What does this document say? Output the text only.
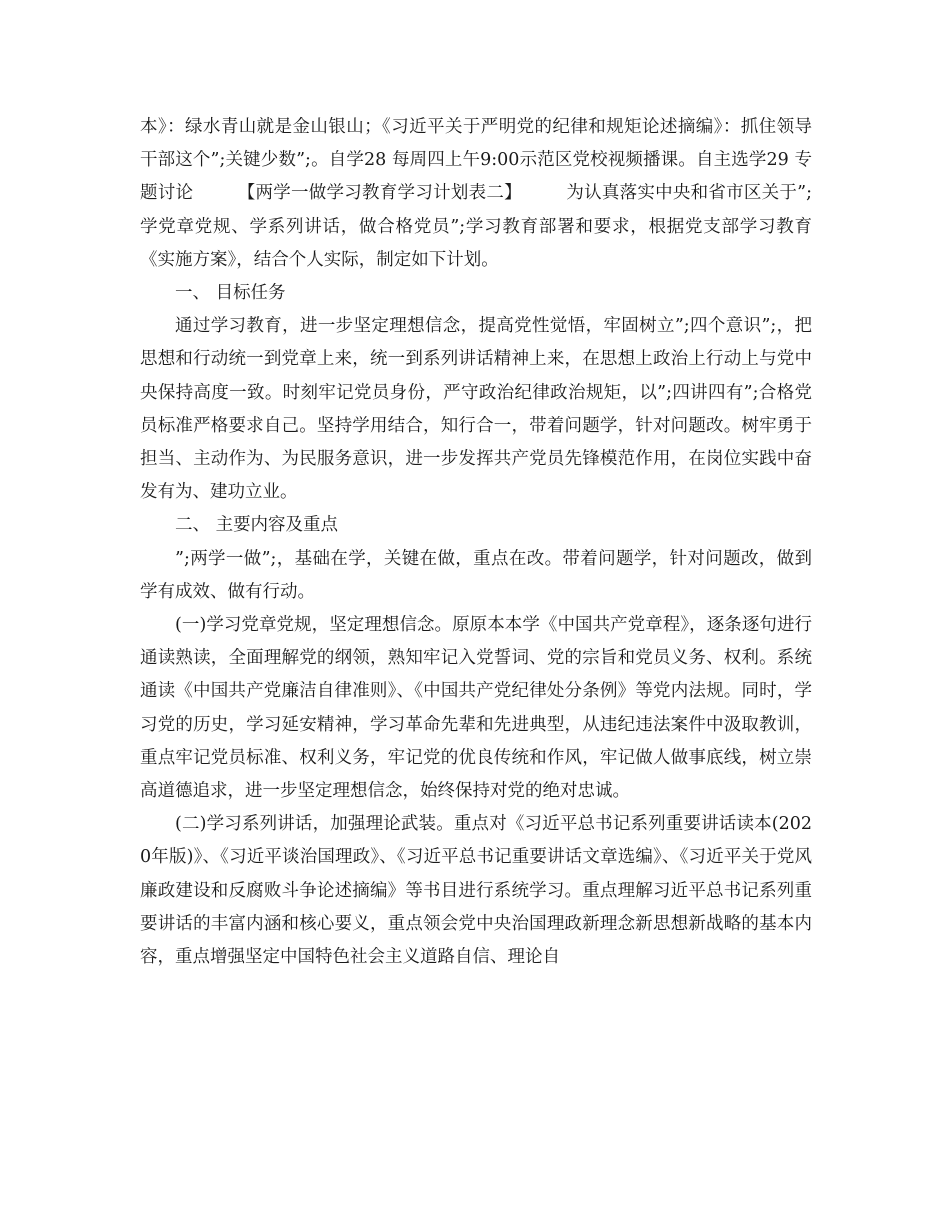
本》：绿水青山就是金山银山；《习近平关于严明党的纪律和规矩论述摘编》：抓住领导干部这个”;关键少数”;。自学28 每周四上午9:00示范区党校视频播课。自主选学29 专题讨论　　　【两学一做学习教育学习计划表二】　　　为认真落实中央和省市区关于”;学党章党规、学系列讲话，做合格党员”;学习教育部署和要求，根据党支部学习教育《实施方案》，结合个人实际，制定如下计划。

一、 目标任务

通过学习教育，进一步坚定理想信念，提高党性觉悟，牢固树立”;四个意识”;，把思想和行动统一到党章上来，统一到系列讲话精神上来，在思想上政治上行动上与党中央保持高度一致。时刻牢记党员身份，严守政治纪律政治规矩，以”;四讲四有”;合格党员标准严格要求自己。坚持学用结合，知行合一，带着问题学，针对问题改。树牢勇于担当、主动作为、为民服务意识，进一步发挥共产党员先锋模范作用，在岗位实践中奋发有为、建功立业。

二、 主要内容及重点

”;两学一做”;，基础在学，关键在做，重点在改。带着问题学，针对问题改，做到学有成效、做有行动。

(一)学习党章党规，坚定理想信念。原原本本学《中国共产党章程》，逐条逐句进行通读熟读，全面理解党的纲领，熟知牢记入党誓词、党的宗旨和党员义务、权利。系统通读《中国共产党廉洁自律准则》、《中国共产党纪律处分条例》等党内法规。同时，学习党的历史，学习延安精神，学习革命先辈和先进典型，从违纪违法案件中汲取教训，重点牢记党员标准、权利义务，牢记党的优良传统和作风，牢记做人做事底线，树立崇高道德追求，进一步坚定理想信念，始终保持对党的绝对忠诚。

(二)学习系列讲话，加强理论武装。重点对《习近平总书记系列重要讲话读本(2020年版)》、《习近平谈治国理政》、《习近平总书记重要讲话文章选编》、《习近平关于党风廉政建设和反腐败斗争论述摘编》等书目进行系统学习。重点理解习近平总书记系列重要讲话的丰富内涵和核心要义，重点领会党中央治国理政新理念新思想新战略的基本内容，重点增强坚定中国特色社会主义道路自信、理论自
